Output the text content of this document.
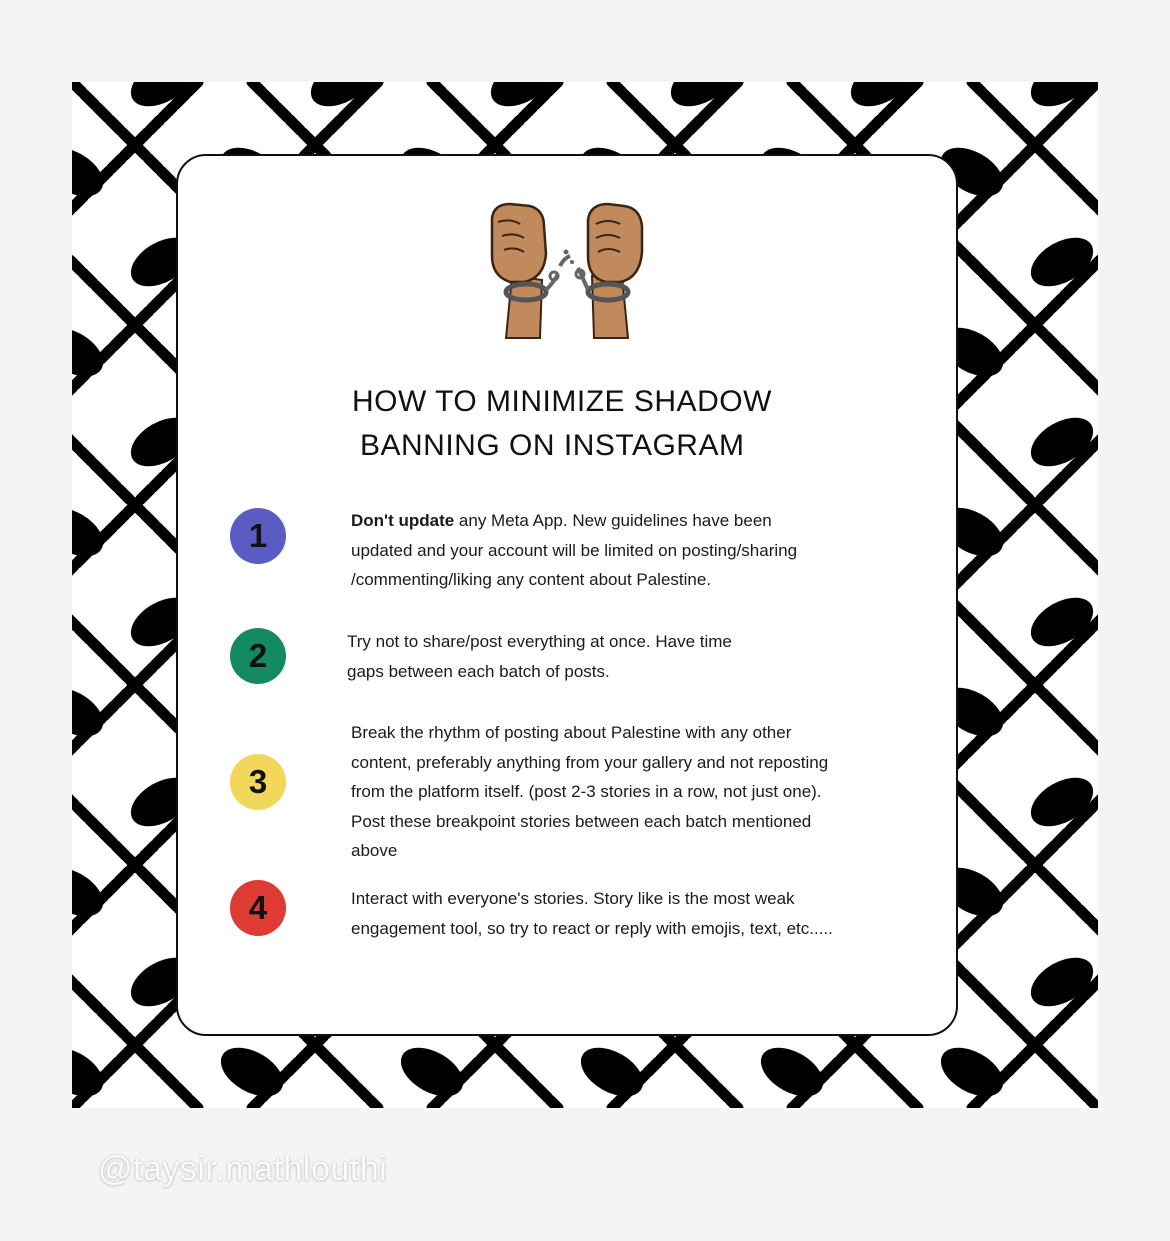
HOW TO MINIMIZE SHADOW
BANNING ON INSTAGRAM
1	Don't update any Meta App. New guidelines have been
updated and your account will be limited on posting/sharing
/commenting/liking any content about Palestine.
2	Try not to share/post everything at once. Have time
gaps between each batch of posts.
3
Break the rhythm of posting about Palestine with any other
content, preferably anything from your gallery and not reposting
from the platform itself. (post 2-3 stories in a row, not just one).
Post these breakpoint stories between each batch mentioned
above
4	Interact with everyone's stories. Story like is the most weak
engagement tool, so try to react or reply with emojis, text, etc.....
@taysir.mathlouthi
